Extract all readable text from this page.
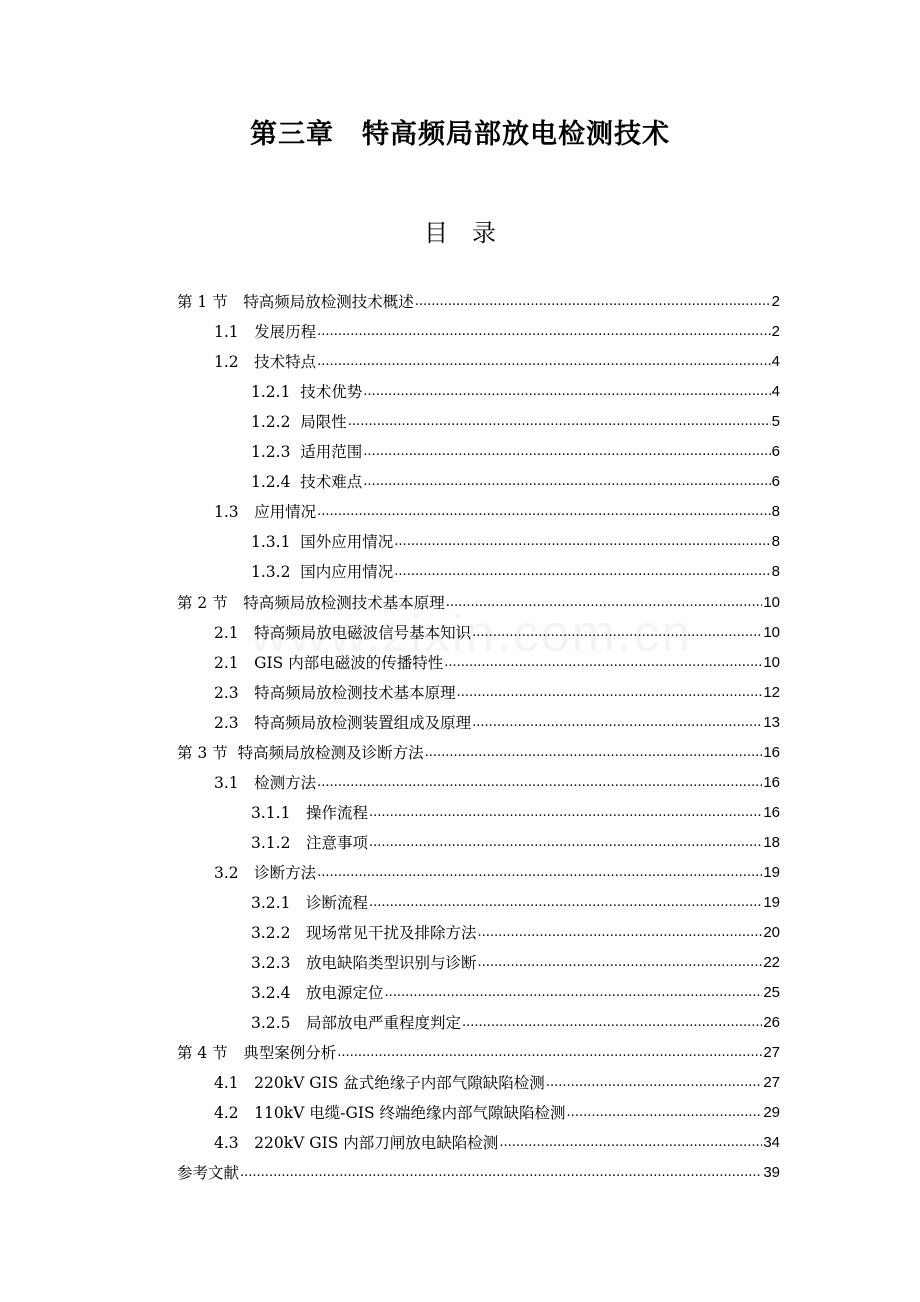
第三章　特高频局部放电检测技术
目　录
第 1 节　特高频局放检测技术概述 .....	2
1.1　发展历程 .....	2
1.2　技术特点 .....	4
1.2.1  技术优势 .....	4
1.2.2  局限性 .....	5
1.2.3  适用范围 .....	6
1.2.4  技术难点 .....	6
1.3　应用情况 .....	8
1.3.1  国外应用情况 .....	8
1.3.2  国内应用情况 .....	8
第 2 节　特高频局放检测技术基本原理 .....	10
2.1　特高频局放电磁波信号基本知识 .....	10
2.1　GIS 内部电磁波的传播特性 .....	10
2.3　特高频局放检测技术基本原理 .....	12
2.3　特高频局放检测装置组成及原理 .....	13
第 3 节  特高频局放检测及诊断方法 .....	16
3.1　检测方法 .....	16
3.1.1　操作流程 .....	16
3.1.2　注意事项 .....	18
3.2　诊断方法 .....	19
3.2.1　诊断流程 .....	19
3.2.2　现场常见干扰及排除方法 .....	20
3.2.3　放电缺陷类型识别与诊断 .....	22
3.2.4　放电源定位 .....	25
3.2.5　局部放电严重程度判定 .....	26
第 4 节　典型案例分析 .....	27
4.1　220kV GIS 盆式绝缘子内部气隙缺陷检测 .....	27
4.2　110kV 电缆-GIS 终端绝缘内部气隙缺陷检测 .....	29
4.3　220kV GIS 内部刀闸放电缺陷检测 .....	34
参考文献 .....	39
